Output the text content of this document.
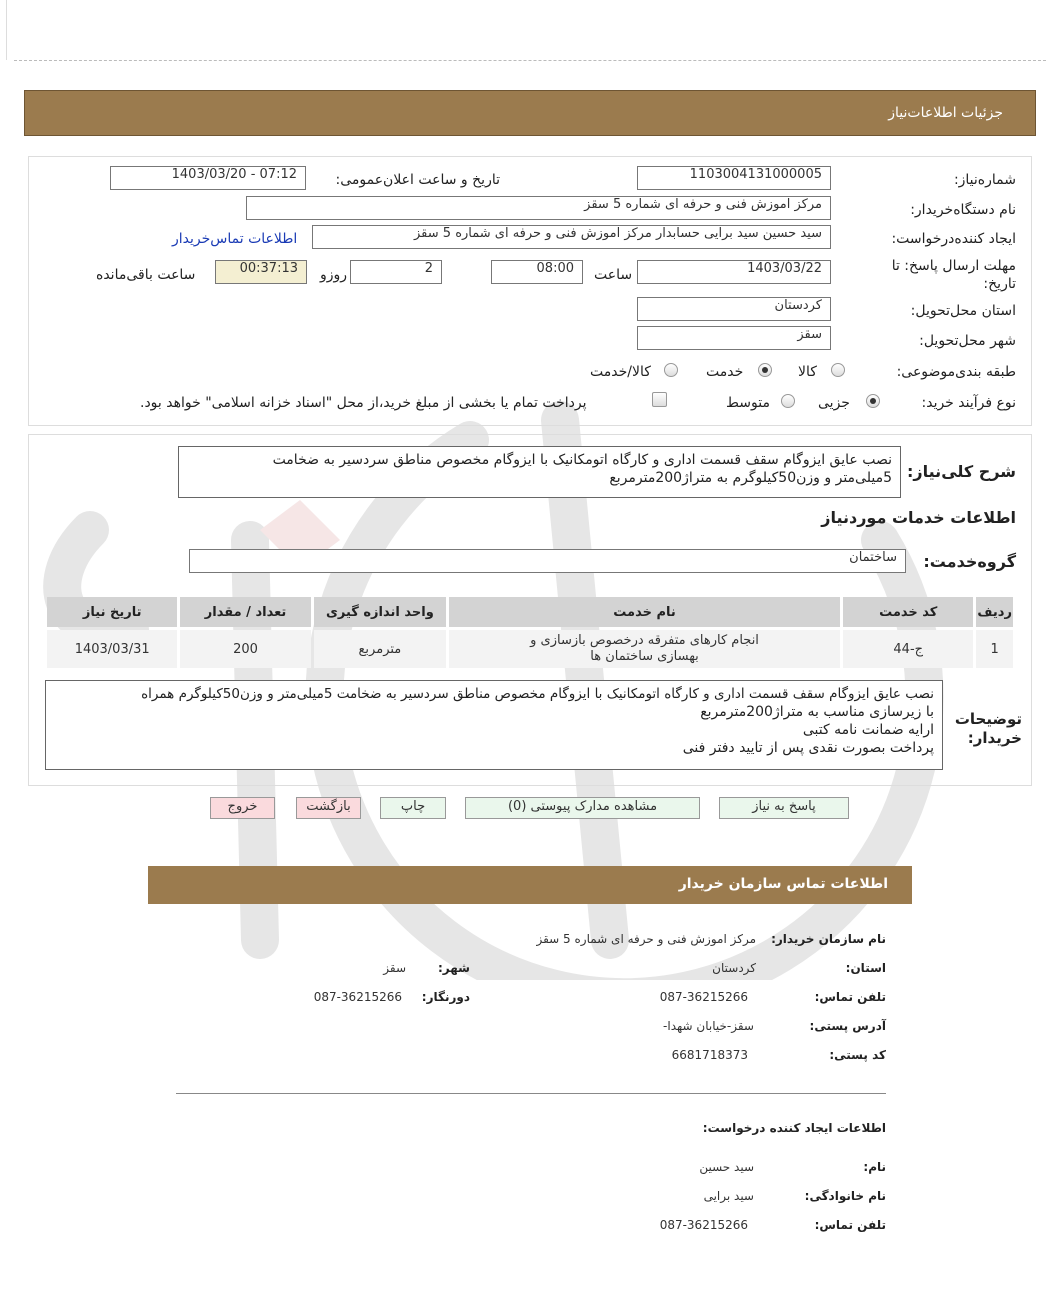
جزئیات اطلاعات‌نیاز
شماره‌نیاز:
1103004131000005
تاریخ و ساعت اعلان‌عمومی:
1403/03/20 - 07:12
نام دستگاه‌خریدار:
مرکز اموزش فنی و حرفه ای شماره 5 سقز
ایجاد کننده‌درخواست:
سید حسین سید برایی حسابدار مرکز اموزش فنی و حرفه ای شماره 5 سقز
اطلاعات تماس‌خریدار
مهلت ارسال پاسخ: تا
تاریخ:
1403/03/22
ساعت
08:00
2
روزو
00:37:13
ساعت باقی‌مانده
استان محل‌تحویل:
کردستان
شهر محل‌تحویل:
سقز
طبقه بندی‌موضوعی:
کالا
خدمت
کالا/خدمت
نوع فرآیند خرید:
جزیی
متوسط
پرداخت تمام یا بخشی از مبلغ خرید،از محل "اسناد خزانه اسلامی" خواهد بود.
شرح کلی‌نیاز:
نصب عایق ایزوگام سقف قسمت اداری و کارگاه اتومکانیک با ایزوگام مخصوص مناطق سردسیر به ضخامت
5میلی‌متر و وزن50کیلوگرم به متراژ200مترمربع
اطلاعات خدمات موردنیاز
گروه‌خدمت:
ساختمان
ردیف	کد خدمت	نام خدمت	واحد اندازه گیری	تعداد / مقدار	تاریخ نیاز
1	ج-44	انجام کارهای متفرقه درخصوص بازسازی و
بهسازی ساختمان ها	مترمربع	200	1403/03/31
توضیحات
خریدار:
نصب عایق ایزوگام سقف قسمت اداری و کارگاه اتومکانیک با ایزوگام مخصوص مناطق سردسیر به ضخامت 5میلی‌متر و وزن50کیلوگرم همراه
با زیرسازی مناسب به متراژ200مترمربع
ارایه ضمانت نامه کتبی
پرداخت بصورت نقدی پس از تایید دفتر فنی
پاسخ به نیاز
مشاهده مدارک پیوستی (0)
چاپ
بازگشت
خروج
اطلاعات تماس سازمان خریدار
نام سازمان خریدار:
مرکز اموزش فنی و حرفه ای شماره 5 سقز
استان:
کردستان
شهر:
سقز
تلفن تماس:
087-36215266
دورنگار:
087-36215266
آدرس پستی:
سقز-خیابان شهدا-
کد پستی:
6681718373
اطلاعات ایجاد کننده درخواست:
نام:
سید حسین
نام خانوادگی:
سید برایی
تلفن تماس:
087-36215266
